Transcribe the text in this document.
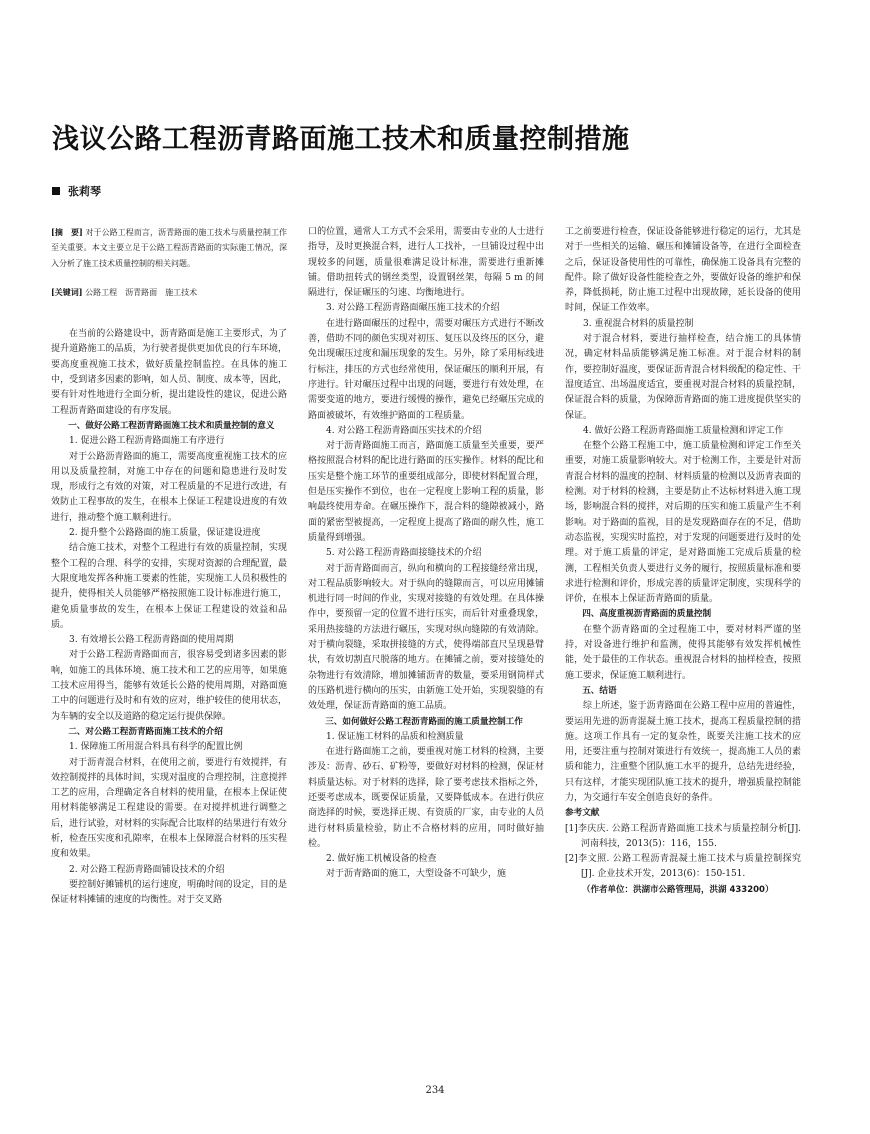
浅议公路工程沥青路面施工技术和质量控制措施
张莉琴

[摘　要] 对于公路工程而言，沥青路面的施工技术与质量控制工作至关重要。本文主要立足于公路工程沥青路面的实际施工情况，深入分析了施工技术质量控制的相关问题。

[关键词] 公路工程　沥青路面　施工技术

在当前的公路建设中，沥青路面是施工主要形式，为了提升道路施工的品质，为行驶者提供更加优良的行车环境，要高度重视施工技术，做好质量控制监控。在具体的施工中，受到诸多因素的影响，如人员、制度、成本等，因此，要有针对性地进行全面分析，提出建设性的建议，促进公路工程沥青路面建设的有序发展。

一、做好公路工程沥青路面施工技术和质量控制的意义

1. 促进公路工程沥青路面施工有序进行

对于公路沥青路面的施工，需要高度重视施工技术的应用以及质量控制，对施工中存在的问题和隐患进行及时发现，形成行之有效的对策，对工程质量的不足进行改进，有效防止工程事故的发生，在根本上保证工程建设进度的有效进行，推动整个施工顺利进行。

2. 提升整个公路路面的施工质量，保证建设进度

结合施工技术，对整个工程进行有效的质量控制，实现整个工程的合理、科学的安排，实现对资源的合理配置，最大限度地发挥各种施工要素的性能，实现施工人员积极性的提升，使得相关人员能够严格按照施工设计标准进行施工，避免质量事故的发生，在根本上保证工程建设的效益和品质。

3. 有效增长公路工程沥青路面的使用周期

对于公路工程沥青路面而言，很容易受到诸多因素的影响，如施工的具体环境、施工技术和工艺的应用等，如果施工技术应用得当，能够有效延长公路的使用周期，对路面施工中的问题进行及时和有效的应对，维护较佳的使用状态，为车辆的安全以及道路的稳定运行提供保障。

二、对公路工程沥青路面施工技术的介绍

1. 保障施工所用混合料具有科学的配置比例

对于沥青混合材料，在使用之前，要进行有效搅拌，有效控制搅拌的具体时间，实现对温度的合理控制，注意搅拌工艺的应用，合理确定各自材料的使用量，在根本上保证使用材料能够满足工程建设的需要。在对搅拌机进行调整之后，进行试验，对材料的实际配合比取样的结果进行有效分析，检查压实度和孔隙率，在根本上保障混合材料的压实程度和效果。

2. 对公路工程沥青路面铺设技术的介绍

要控制好摊铺机的运行速度，明确时间的设定，目的是保证材料摊铺的速度的均衡性。对于交叉路

口的位置，通常人工方式不会采用，需要由专业的人士进行指导，及时更换混合料，进行人工找补，一旦铺设过程中出现较多的问题，质量很难满足设计标准，需要进行重新摊铺。借助扭转式的钢丝类型，设置钢丝架，每隔 5 m 的间隔进行，保证碾压的匀速、均衡地进行。

3. 对公路工程沥青路面碾压施工技术的介绍

在进行路面碾压的过程中，需要对碾压方式进行不断改善，借助不同的颜色实现对初压、复压以及终压的区分，避免出现碾压过度和漏压现象的发生。另外，除了采用标线进行标注，排压的方式也经常使用，保证碾压的顺利开展，有序进行。针对碾压过程中出现的问题，要进行有效处理，在需要变道的地方，要进行缓慢的操作，避免已经碾压完成的路面被破坏，有效维护路面的工程质量。

4. 对公路工程沥青路面压实技术的介绍

对于沥青路面施工而言，路面施工质量至关重要，要严格按照混合材料的配比进行路面的压实操作。材料的配比和压实是整个施工环节的重要组成部分，即使材料配置合理，但是压实操作不到位，也在一定程度上影响工程的质量，影响最终使用寿命。在碾压操作下，混合料的缝隙被减小，路面的紧密型被提高，一定程度上提高了路面的耐久性，施工质量得到增强。

5. 对公路工程沥青路面接缝技术的介绍

对于沥青路面而言，纵向和横向的工程接缝经常出现，对工程品质影响较大。对于纵向的缝隙而言，可以应用摊铺机进行同一时间的作业，实现对接缝的有效处理。在具体操作中，要预留一定的位置不进行压实，而后针对重叠现象，采用热接缝的方法进行碾压，实现对纵向缝隙的有效清除。对于横向裂缝，采取拼接缝的方式，使得端部直尺呈现悬臂状，有效切割直尺脱落的地方。在摊铺之前，要对接缝处的杂物进行有效清除，增加摊铺沥青的数量，要采用钢筒样式的压路机进行横向的压实，由新施工处开始，实现裂缝的有效处理，保证沥青路面的施工品质。

三、如何做好公路工程沥青路面的施工质量控制工作

1. 保证施工材料的品质和检测质量

在进行路面施工之前，要重视对施工材料的检测，主要涉及：沥青、砂石、矿粉等，要做好对材料的检测，保证材料质量达标。对于材料的选择，除了要考虑技术指标之外，还要考虑成本，既要保证质量，又要降低成本。在进行供应商选择的时候，要选择正规、有资质的厂家，由专业的人员进行材料质量检验，防止不合格材料的应用，同时做好抽检。

2. 做好施工机械设备的检查

对于沥青路面的施工，大型设备不可缺少，施

工之前要进行检查，保证设备能够进行稳定的运行，尤其是对于一些相关的运输、碾压和摊铺设备等，在进行全面检查之后，保证设备使用性的可靠性，确保施工设备具有完整的配件。除了做好设备性能检查之外，要做好设备的维护和保养，降低损耗，防止施工过程中出现故障，延长设备的使用时间，保证工作效率。

3. 重视混合材料的质量控制

对于混合材料，要进行抽样检查，结合施工的具体情况，确定材料品质能够满足施工标准。对于混合材料的制作，要控制好温度，要保证沥青混合材料级配的稳定性、干湿度适宜、出场温度适宜，要重视对混合材料的质量控制，保证混合料的质量，为保障沥青路面的施工进度提供坚实的保证。

4. 做好公路工程沥青路面施工质量检测和评定工作

在整个公路工程施工中，施工质量检测和评定工作至关重要，对施工质量影响较大。对于检测工作，主要是针对沥青混合材料的温度的控制、材料质量的检测以及沥青表面的检测。对于材料的检测，主要是防止不达标材料进入施工现场，影响混合料的搅拌，对后期的压实和施工质量产生不利影响。对于路面的监视，目的是发现路面存在的不足，借助动态监视，实现实时监控，对于发现的问题要进行及时的处理。对于施工质量的评定，是对路面施工完成后质量的检测，工程相关负责人要进行义务的履行，按照质量标准和要求进行检测和评价，形成完善的质量评定制度，实现科学的评价，在根本上保证沥青路面的质量。

四、高度重视沥青路面的质量控制

在整个沥青路面的全过程施工中，要对材料严谨的坚持，对设备进行维护和监测，使得其能够有效发挥机械性能，处于最佳的工作状态。重视混合材料的抽样检查，按照施工要求，保证施工顺利进行。

五、结语

综上所述，鉴于沥青路面在公路工程中应用的普遍性，要运用先进的沥青混凝土施工技术，提高工程质量控制的措施。这项工作具有一定的复杂性，既要关注施工技术的应用，还要注重与控制对策进行有效统一，提高施工人员的素质和能力，注重整个团队施工水平的提升，总结先进经验，只有这样，才能实现团队施工技术的提升，增强质量控制能力，为交通行车安全创造良好的条件。

参考文献

[1]李庆庆. 公路工程沥青路面施工技术与质量控制分析[J]. 河南科技，2013(5)：116，155.

[2]李文照. 公路工程沥青混凝土施工技术与质量控制探究[J]. 企业技术开发，2013(6)：150-151.

（作者单位：洪湖市公路管理局，洪湖 433200）

234
